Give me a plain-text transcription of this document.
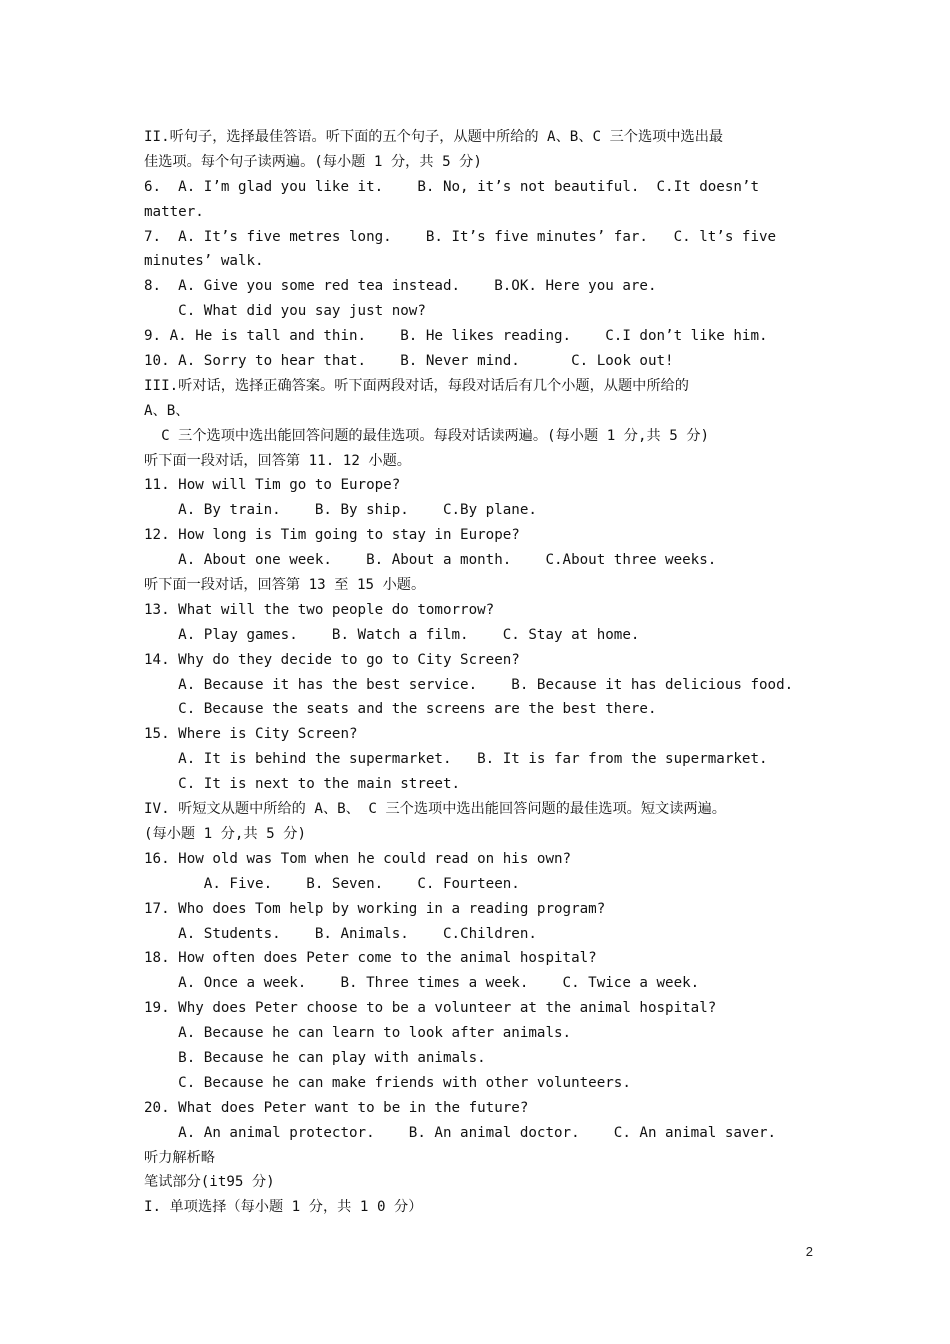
II.听句子，选择最佳答语。听下面的五个句子，从题中所给的 A、B、C 三个选项中选出最
佳选项。每个句子读两遍。(每小题 1 分，共 5 分)
6.  A. I’m glad you like it.    B. No, it’s not beautiful.  C.It doesn’t
matter.
7.  A. It’s five metres long.    B. It’s five minutes’ far.   C. lt’s five
minutes’ walk.
8.  A. Give you some red tea instead.    B.OK. Here you are.
C. What did you say just now?
9. A. He is tall and thin.    B. He likes reading.    C.I don’t like him.
10. A. Sorry to hear that.    B. Never mind.      C. Look out!
III.听对话，选择正确答案。听下面两段对话，每段对话后有几个小题，从题中所给的
A、B、
C 三个选项中选出能回答问题的最佳选项。每段对话读两遍。(每小题 1 分,共 5 分)
听下面一段对话，回答第 11. 12 小题。
11. How will Tim go to Europe?
A. By train.    B. By ship.    C.By plane.
12. How long is Tim going to stay in Europe?
A. About one week.    B. About a month.    C.About three weeks.
听下面一段对话，回答第 13 至 15 小题。
13. What will the two people do tomorrow?
A. Play games.    B. Watch a film.    C. Stay at home.
14. Why do they decide to go to City Screen?
A. Because it has the best service.    B. Because it has delicious food.
C. Because the seats and the screens are the best there.
15. Where is City Screen?
A. It is behind the supermarket.   B. It is far from the supermarket.
C. It is next to the main street.
IV. 听短文从题中所给的 A、B、 C 三个选项中选出能回答问题的最佳选项。短文读两遍。
(每小题 1 分,共 5 分)
16. How old was Tom when he could read on his own?
A. Five.    B. Seven.    C. Fourteen.
17. Who does Tom help by working in a reading program?
A. Students.    B. Animals.    C.Children.
18. How often does Peter come to the animal hospital?
A. Once a week.    B. Three times a week.    C. Twice a week.
19. Why does Peter choose to be a volunteer at the animal hospital?
A. Because he can learn to look after animals.
B. Because he can play with animals.
C. Because he can make friends with other volunteers.
20. What does Peter want to be in the future?
A. An animal protector.    B. An animal doctor.    C. An animal saver.
听力解析略
笔试部分(it95 分)
I. 单项选择（每小题 1 分，共 1 0 分）
2
